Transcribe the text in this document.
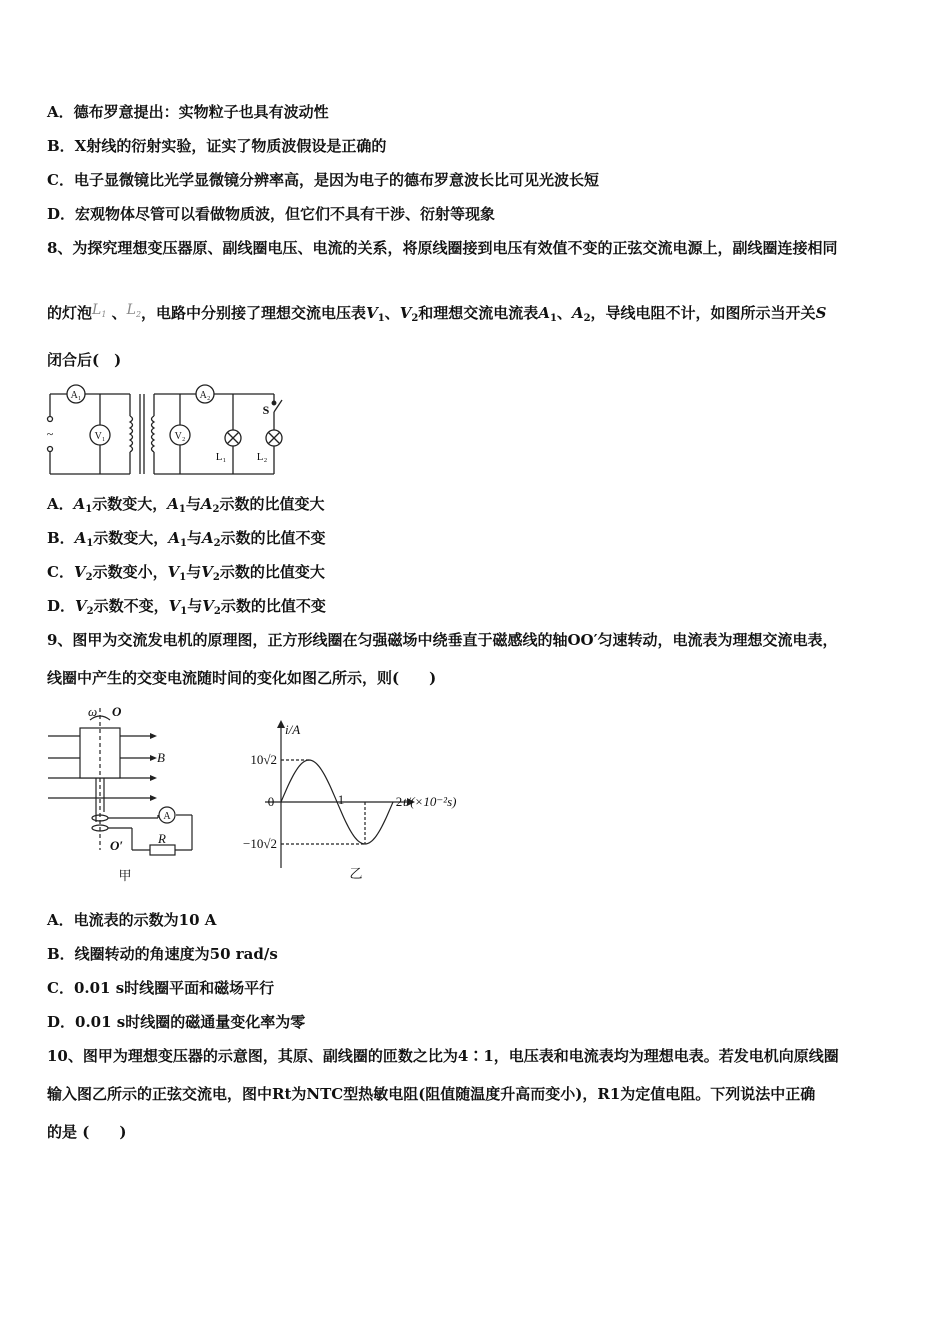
A．德布罗意提出：实物粒子也具有波动性
B．X射线的衍射实验，证实了物质波假设是正确的
C．电子显微镜比光学显微镜分辨率高，是因为电子的德布罗意波长比可见光波长短
D．宏观物体尽管可以看做物质波，但它们不具有干涉、衍射等现象
8、为探究理想变压器原、副线圈电压、电流的关系，将原线圈接到电压有效值不变的正弦交流电源上，副线圈连接相同
的灯泡$L_1$ 、$L_2$，电路中分别接了理想交流电压表$V_1$、$V_2$和理想交流电流表$A_1$、$A_2$，导线电阻不计，如图所示当开关S
闭合后(　)
A₁
V₁
A₂
V₂
L₁	L₂
S
~
A．$A_1$示数变大，$A_1$与$A_2$示数的比值变大
B．$A_1$示数变大，$A_1$与$A_2$示数的比值不变
C．$V_2$示数变小，$V_1$与$V_2$示数的比值变大
D．$V_2$示数不变，$V_1$与$V_2$示数的比值不变
9、图甲为交流发电机的原理图，正方形线圈在匀强磁场中绕垂直于磁感线的轴OO′匀速转动，电流表为理想交流电表，
线圈中产生的交变电流随时间的变化如图乙所示，则(　　)
ω O
B
A
R
O′
甲
i/A
10√2
−10√2
0	1	2 t/(×10⁻²s)
乙
A．电流表的示数为10 A
B．线圈转动的角速度为50 rad/s
C．0.01 s时线圈平面和磁场平行
D．0.01 s时线圈的磁通量变化率为零
10、图甲为理想变压器的示意图，其原、副线圈的匝数之比为4∶1，电压表和电流表均为理想电表。若发电机向原线圈
输入图乙所示的正弦交流电，图中Rt为NTC型热敏电阻(阻值随温度升高而变小)，R1为定值电阻。下列说法中正确
的是 (　　)
